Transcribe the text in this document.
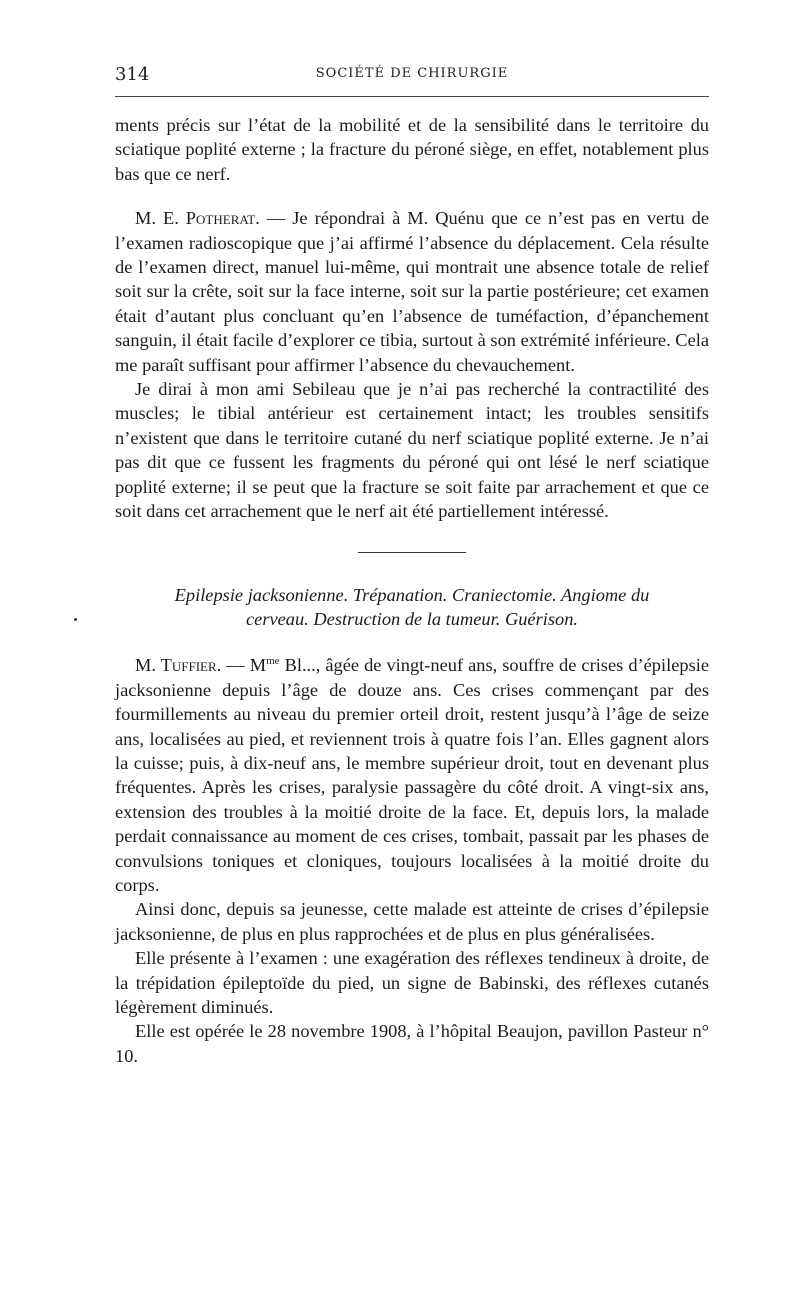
314	SOCIÉTÉ DE CHIRURGIE

ments précis sur l’état de la mobilité et de la sensibilité dans le territoire du sciatique poplité externe ; la fracture du péroné siège, en effet, notablement plus bas que ce nerf.

M. E. Potherat. — Je répondrai à M. Quénu que ce n’est pas en vertu de l’examen radioscopique que j’ai affirmé l’absence du déplacement. Cela résulte de l’examen direct, manuel lui-même, qui montrait une absence totale de relief soit sur la crête, soit sur la face interne, soit sur la partie postérieure; cet examen était d’autant plus concluant qu’en l’absence de tuméfaction, d’épanchement sanguin, il était facile d’explorer ce tibia, surtout à son extrémité inférieure. Cela me paraît suffisant pour affirmer l’absence du chevauchement.

Je dirai à mon ami Sebileau que je n’ai pas recherché la contractilité des muscles; le tibial antérieur est certainement intact; les troubles sensitifs n’existent que dans le territoire cutané du nerf sciatique poplité externe. Je n’ai pas dit que ce fussent les fragments du péroné qui ont lésé le nerf sciatique poplité externe; il se peut que la fracture se soit faite par arrachement et que ce soit dans cet arrachement que le nerf ait été partiellement intéressé.

Epilepsie jacksonienne. Trépanation. Craniectomie. Angiome du
cerveau. Destruction de la tumeur. Guérison.

M. Tuffier. — $M^{me}$ Bl..., âgée de vingt-neuf ans, souffre de crises d’épilepsie jacksonienne depuis l’âge de douze ans. Ces crises commençant par des fourmillements au niveau du premier orteil droit, restent jusqu’à l’âge de seize ans, localisées au pied, et reviennent trois à quatre fois l’an. Elles gagnent alors la cuisse; puis, à dix-neuf ans, le membre supérieur droit, tout en devenant plus fréquentes. Après les crises, paralysie passagère du côté droit. A vingt-six ans, extension des troubles à la moitié droite de la face. Et, depuis lors, la malade perdait connaissance au moment de ces crises, tombait, passait par les phases de convulsions toniques et cloniques, toujours localisées à la moitié droite du corps.

Ainsi donc, depuis sa jeunesse, cette malade est atteinte de crises d’épilepsie jacksonienne, de plus en plus rapprochées et de plus en plus généralisées.

Elle présente à l’examen : une exagération des réflexes tendineux à droite, de la trépidation épileptoïde du pied, un signe de Babinski, des réflexes cutanés légèrement diminués.

Elle est opérée le 28 novembre 1908, à l’hôpital Beaujon, pavillon Pasteur n° 10.
